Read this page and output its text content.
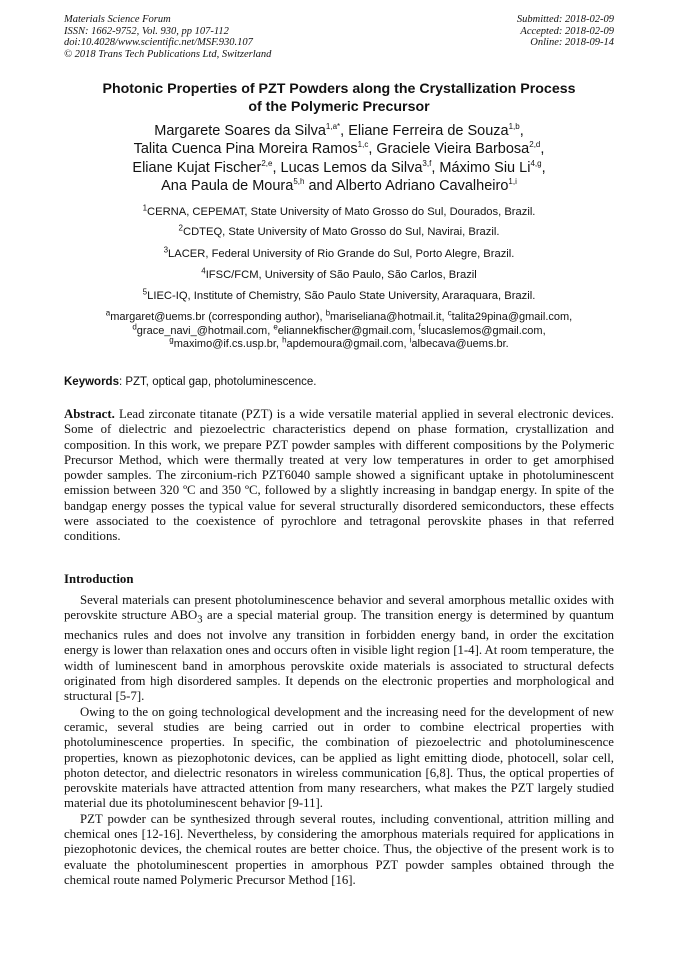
Materials Science Forum
ISSN: 1662-9752, Vol. 930, pp 107-112
doi:10.4028/www.scientific.net/MSF.930.107
© 2018 Trans Tech Publications Ltd, Switzerland
Submitted: 2018-02-09
Accepted: 2018-02-09
Online: 2018-09-14
Photonic Properties of PZT Powders along the Crystallization Process
of the Polymeric Precursor
Margarete Soares da Silva$^{1,a*}$, Eliane Ferreira de Souza$^{1,b}$,
Talita Cuenca Pina Moreira Ramos$^{1,c}$, Graciele Vieira Barbosa$^{2,d}$,
Eliane Kujat Fischer$^{2,e}$, Lucas Lemos da Silva$^{3,f}$, Máximo Siu Li$^{4,g}$,
Ana Paula de Moura$^{5,h}$ and Alberto Adriano Cavalheiro$^{1,i}$
$^1$CERNA, CEPEMAT, State University of Mato Grosso do Sul, Dourados, Brazil.
$^2$CDTEQ, State University of Mato Grosso do Sul, Navirai, Brazil.
$^3$LACER, Federal University of Rio Grande do Sul, Porto Alegre, Brazil.
$^4$IFSC/FCM, University of São Paulo, São Carlos, Brazil
$^5$LIEC-IQ, Institute of Chemistry, São Paulo State University, Araraquara, Brazil.
$^a$margaret@uems.br (corresponding author), $^b$mariseliana@hotmail.it, $^c$talita29pina@gmail.com,
$^d$grace_navi_@hotmail.com, $^e$eliannekfischer@gmail.com, $^f$slucaslemos@gmail.com,
$^g$maximo@if.cs.usp.br, $^h$apdemoura@gmail.com, $^i$albecava@uems.br.
Keywords: PZT, optical gap, photoluminescence.

Abstract. Lead zirconate titanate (PZT) is a wide versatile material applied in several electronic devices. Some of dielectric and piezoelectric characteristics depend on phase formation, crystallization and composition. In this work, we prepare PZT powder samples with different compositions by the Polymeric Precursor Method, which were thermally treated at very low temperatures in order to get amorphised powder samples. The zirconium-rich PZT6040 sample showed a significant uptake in photoluminescent emission between 320 ºC and 350 ºC, followed by a slightly increasing in bandgap energy. In spite of the bandgap energy posses the typical value for several structurally disordered semiconductors, these effects were associated to the coexistence of pyrochlore and tetragonal perovskite phases in that referred conditions.

Introduction

Several materials can present photoluminescence behavior and several amorphous metallic oxides with perovskite structure $ABO_3$ are a special material group. The transition energy is determined by quantum mechanics rules and does not involve any transition in forbidden energy band, in order the excitation energy is lower than relaxation ones and occurs often in visible light region [1-4]. At room temperature, the width of luminescent band in amorphous perovskite oxide materials is associated to structural defects originated from high disordered samples. It depends on the electronic properties and morphological and structural [5-7].

Owing to the on going technological development and the increasing need for the development of new ceramic, several studies are being carried out in order to combine electrical properties with photoluminescence properties. In specific, the combination of piezoelectric and photoluminescence properties, known as piezophotonic devices, can be applied as light emitting diode, photocell, solar cell, photon detector, and dielectric resonators in wireless communication [6,8]. Thus, the optical properties of perovskite materials have attracted attention from many researchers, what makes the PZT largely studied material due its photoluminescent behavior [9-11].

PZT powder can be synthesized through several routes, including conventional, attrition milling and chemical ones [12-16]. Nevertheless, by considering the amorphous materials required for applications in piezophotonic devices, the chemical routes are better choice. Thus, the objective of the present work is to evaluate the photoluminescent properties in amorphous PZT powder samples obtained through the chemical route named Polymeric Precursor Method [16].
